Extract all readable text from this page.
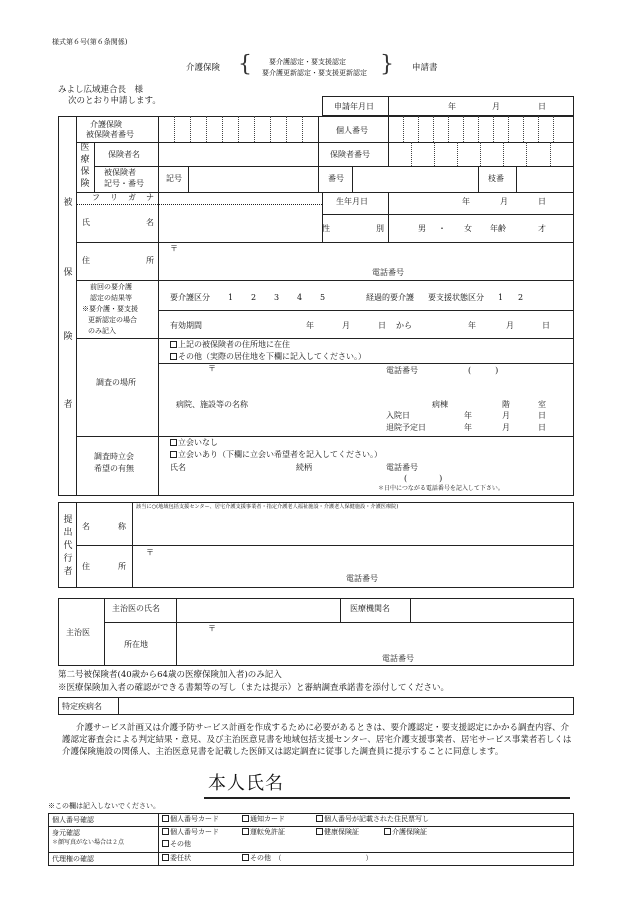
様式第６号(第６条関係)
介護保険 { 要介護認定・要支援認定
要介護更新認定・要支援更新認定 } 申請書
みよし広域連合長　様
次のとおり申請します。
申請年月日	年	月	日
被
保
険
者
介護保険
被保険者番号	個人番号
医
療
保
険
保険者名	保険者番号
被保険者
記号・番号
記号	番号	枝番
フ　リ　ガ　ナ
氏	名
生年月日	年	月	日
性	別	男 ・ 女 年齢	才
住	所
〒
電話番号
前回の要介護
認定の結果等
※要介護・要支援
更新認定の場合
のみ記入
要介護区分 1 2 3 4 5	経過的要介護 要支援状態区分 1 2
有効期間	年	月	日 から	年	月	日
調査の場所
上記の被保険者の住所地に在住
その他（実際の居住地を下欄に記入してください。）
〒	電話番号	(　　　)
病院、施設等の名称	病棟	階	室
入院日	年	月	日
退院予定日	年	月	日
調査時立会
希望の有無
立会いなし
立会いあり（下欄に立会い希望者を記入してください。）
氏名	続柄	電話番号
(　　　　)
＊日中につながる電話番号を記入して下さい。
提
出
代
行
者
名	称
該当に○(地域包括支援センター、居宅介護支援事業者・指定介護老人福祉施設・介護老人保健施設・介護医療院)
住	所
〒
電話番号
主治医
主治医の氏名	医療機関名
所在地
〒
電話番号
第二号被保険者(40歳から64歳の医療保険加入者)のみ記入
※医療保険加入者の確認ができる書類等の写し（または提示）と審納調査承諾書を添付してください。
特定疾病名
介護サービス計画又は介護予防サービス計画を作成するために必要があるときは、要介護認定・要支援認定にかかる調査内容、介護認定審査会による判定結果・意見、及び主治医意見書を地域包括支援センター、居宅介護支援事業者、居宅サービス事業者若しくは介護保険施設の関係人、主治医意見書を記載した医師又は認定調査に従事した調査員に提示することに同意します。
本人氏名
※この欄は記入しないでください。
個人番号確認	個人番号カード	通知カード	個人番号が記載された住民票写し
身元確認
＊顔写真がない場合は２点
個人番号カード	運転免許証	健康保険証	介護保険証
その他
代理権の確認	委任状	その他　（　　　　　　　　　　　　）
